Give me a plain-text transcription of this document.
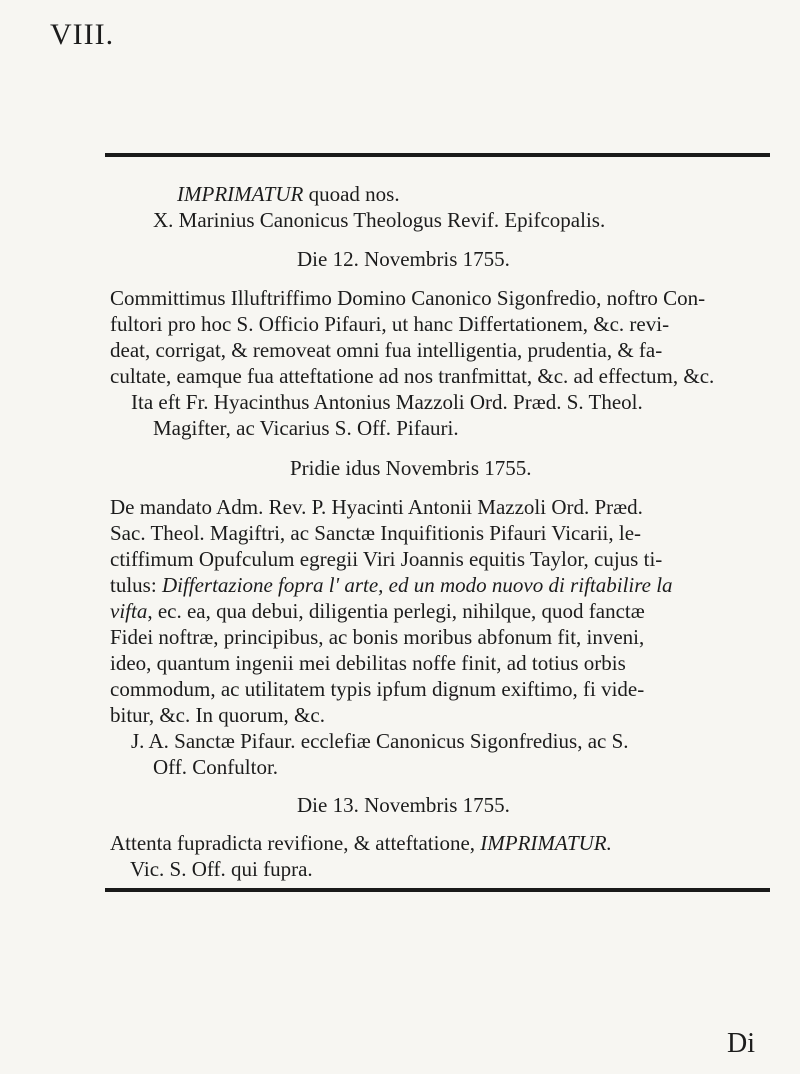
VIII.
IMPRIMATUR quoad nos.
X. Marinius Canonicus Theologus Revif. Epifcopalis.
Die 12. Novembris 1755.
Committimus Illuftriffimo Domino Canonico Sigonfredio, noftro Con-
fultori pro hoc S. Officio Pifauri, ut hanc Differtationem, &c. revi-
deat, corrigat, & removeat omni fua intelligentia, prudentia, & fa-
cultate, eamque fua atteftatione ad nos tranfmittat, &c. ad effectum, &c.
Ita eft Fr. Hyacinthus Antonius Mazzoli Ord. Præd. S. Theol.
Magifter, ac Vicarius S. Off. Pifauri.
Pridie idus Novembris 1755.
De mandato Adm. Rev. P. Hyacinti Antonii Mazzoli Ord. Præd.
Sac. Theol. Magiftri, ac Sanctæ Inquifitionis Pifauri Vicarii, le-
ctiffimum Opufculum egregii Viri Joannis equitis Taylor, cujus ti-
tulus: Differtazione fopra l' arte, ed un modo nuovo di riftabilire la
vifta, ec. ea, qua debui, diligentia perlegi, nihilque, quod fanctæ
Fidei noftræ, principibus, ac bonis moribus abfonum fit, inveni,
ideo, quantum ingenii mei debilitas noffe finit, ad totius orbis
commodum, ac utilitatem typis ipfum dignum exiftimo, fi vide-
bitur, &c. In quorum, &c.
J. A. Sanctæ Pifaur. ecclefiæ Canonicus Sigonfredius, ac S.
Off. Confultor.
Die 13. Novembris 1755.
Attenta fupradicta revifione, & atteftatione, IMPRIMATUR.
Vic. S. Off. qui fupra.
Di
